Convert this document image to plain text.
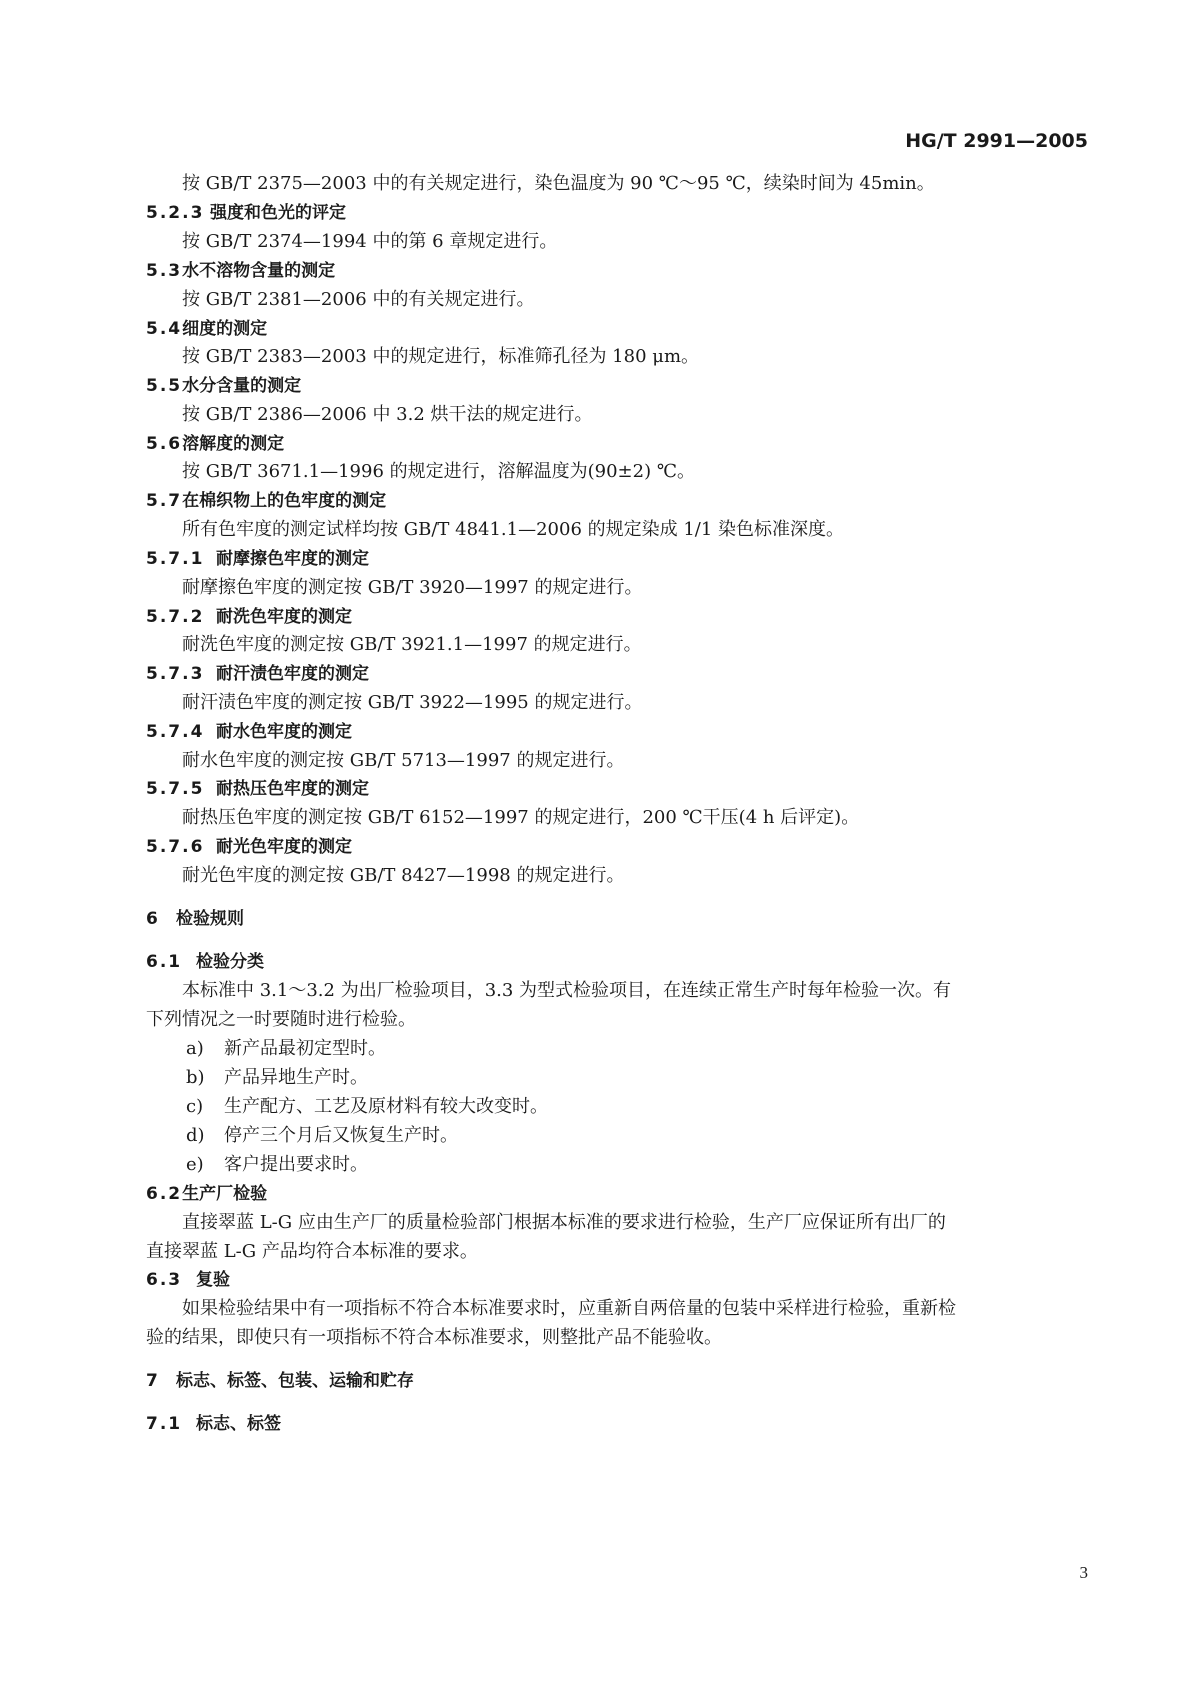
HG/T 2991—2005
按 GB/T 2375—2003 中的有关规定进行，染色温度为 90 ℃～95 ℃，续染时间为 45min。
5.2.3 强度和色光的评定
按 GB/T 2374—1994 中的第 6 章规定进行。
5.3水不溶物含量的测定
按 GB/T 2381—2006 中的有关规定进行。
5.4细度的测定
按 GB/T 2383—2003 中的规定进行，标准筛孔径为 180 μm。
5.5水分含量的测定
按 GB/T 2386—2006 中 3.2 烘干法的规定进行。
5.6溶解度的测定
按 GB/T 3671.1—1996 的规定进行，溶解温度为(90±2) ℃。
5.7在棉织物上的色牢度的测定
所有色牢度的测定试样均按 GB/T 4841.1—2006 的规定染成 1/1 染色标准深度。
5.7.1 耐摩擦色牢度的测定
耐摩擦色牢度的测定按 GB/T 3920—1997 的规定进行。
5.7.2 耐洗色牢度的测定
耐洗色牢度的测定按 GB/T 3921.1—1997 的规定进行。
5.7.3 耐汗渍色牢度的测定
耐汗渍色牢度的测定按 GB/T 3922—1995 的规定进行。
5.7.4 耐水色牢度的测定
耐水色牢度的测定按 GB/T 5713—1997 的规定进行。
5.7.5 耐热压色牢度的测定
耐热压色牢度的测定按 GB/T 6152—1997 的规定进行，200 ℃干压(4 h 后评定)。
5.7.6 耐光色牢度的测定
耐光色牢度的测定按 GB/T 8427—1998 的规定进行。
6 检验规则
6.1 检验分类
本标准中 3.1～3.2 为出厂检验项目，3.3 为型式检验项目，在连续正常生产时每年检验一次。有
下列情况之一时要随时进行检验。
a) 新产品最初定型时。
b) 产品异地生产时。
c) 生产配方、工艺及原材料有较大改变时。
d) 停产三个月后又恢复生产时。
e) 客户提出要求时。
6.2生产厂检验
直接翠蓝 L-G 应由生产厂的质量检验部门根据本标准的要求进行检验，生产厂应保证所有出厂的
直接翠蓝 L-G 产品均符合本标准的要求。
6.3 复验
如果检验结果中有一项指标不符合本标准要求时，应重新自两倍量的包装中采样进行检验，重新检
验的结果，即使只有一项指标不符合本标准要求，则整批产品不能验收。
7 标志、标签、包装、运输和贮存
7.1 标志、标签
3
